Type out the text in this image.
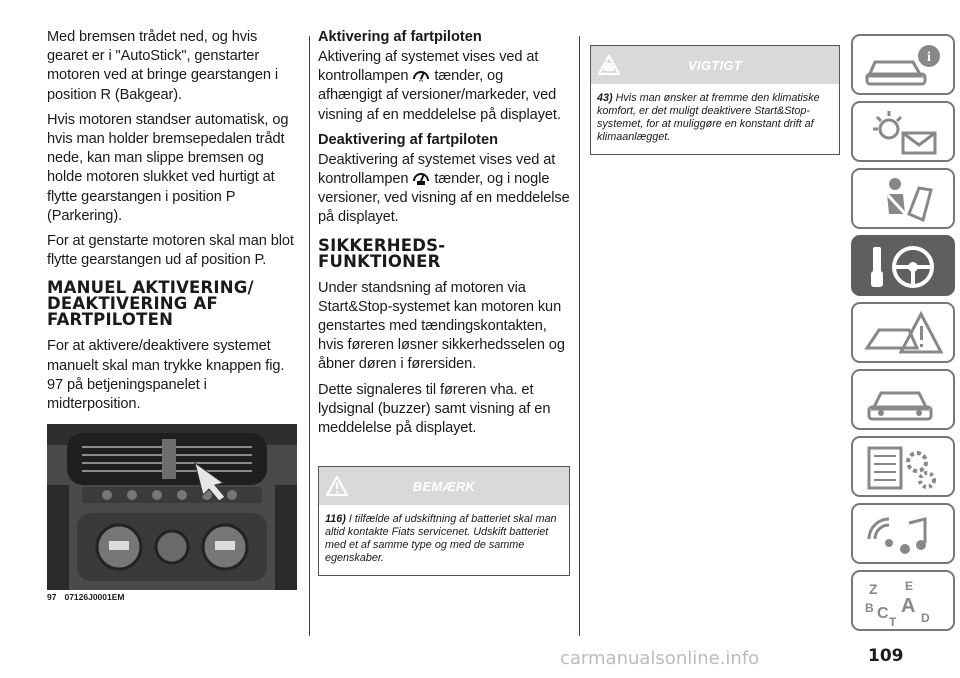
Med bremsen trådet ned, og hvis gearet er i "AutoStick", genstarter motoren ved at bringe gearstangen i position R (Bakgear).

Hvis motoren standser automatisk, og hvis man holder bremsepedalen trådt nede, kan man slippe bremsen og holde motoren slukket ved hurtigt at flytte gearstangen i position P (Parkering).

For at genstarte motoren skal man blot flytte gearstangen ud af position P.

MANUEL AKTIVERING/ DEAKTIVERING AF FARTPILOTEN

For at aktivere/deaktivere systemet manuelt skal man trykke knappen fig. 97 på betjeningspanelet i midterposition.

97 07126J0001EM
Aktivering af fartpiloten

Aktivering af systemet vises ved at kontrollampen A tænder, og afhængigt af versioner/markeder, ved visning af en meddelelse på displayet.

Deaktivering af fartpiloten

Deaktivering af systemet vises ved at kontrollampen tænder, og i nogle versioner, ved visning af en meddelelse på displayet.

SIKKERHEDS- FUNKTIONER

Under standsning af motoren via Start&Stop-systemet kan motoren kun genstartes med tændingskontakten, hvis føreren løsner sikkerhedsselen og åbner døren i førersiden.

Dette signaleres til føreren vha. et lydsignal (buzzer) samt visning af en meddelelse på displayet.

BEMÆRK
116) I tilfælde af udskiftning af batteriet skal man altid kontakte Fiats servicenet. Udskift batteriet med et af samme type og med de samme egenskaber.
VIGTIGT
43) Hvis man ønsker at fremme den klimatiske komfort, er det muligt deaktivere Start&Stop-systemet, for at muliggøre en konstant drift af klimaanlægget.
i
Z E
B C A
D
T
109
carmanualsonline.info
